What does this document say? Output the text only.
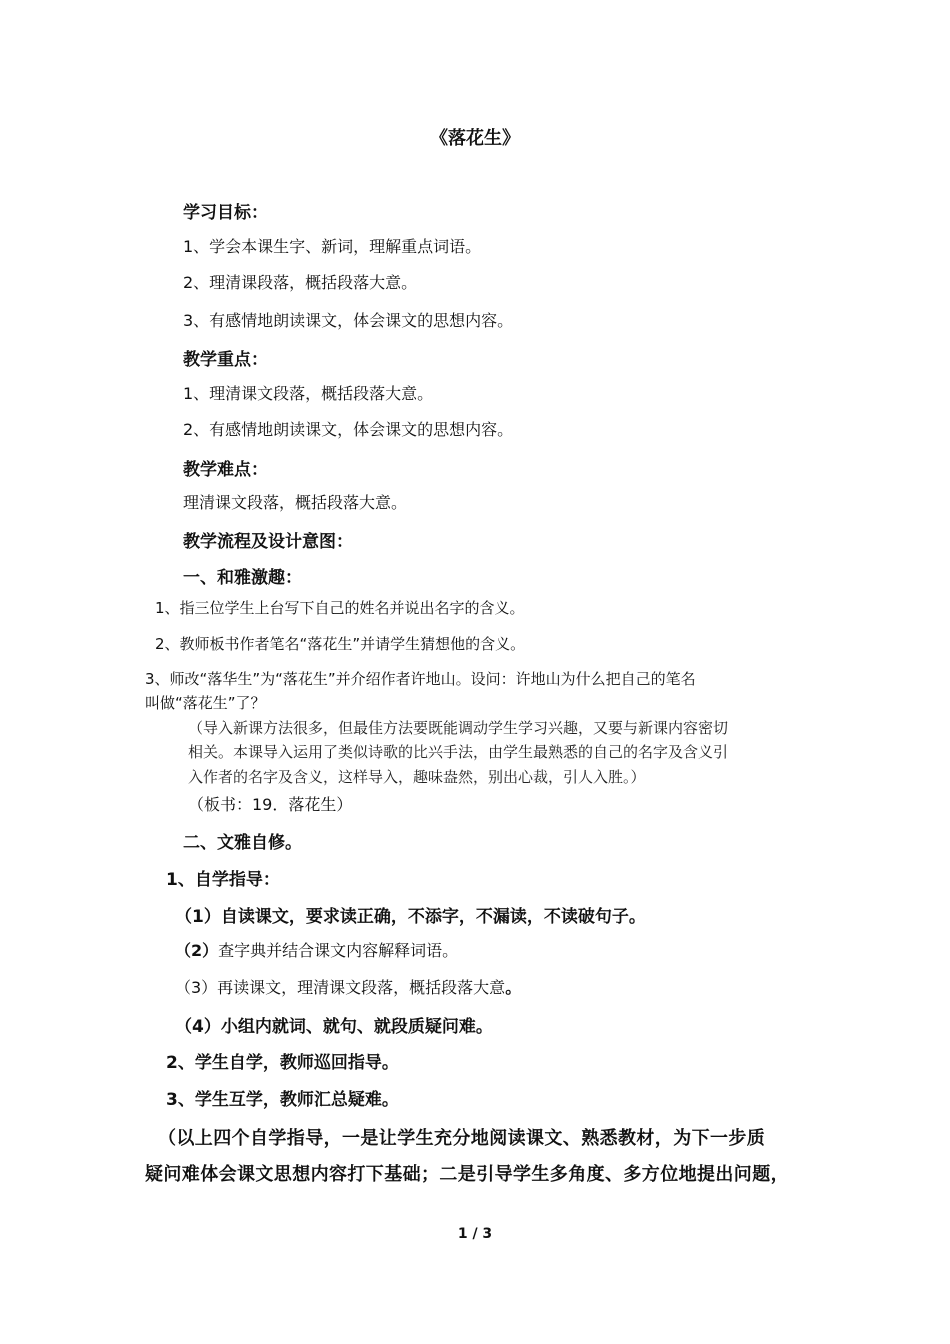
《落花生》
学习目标：
1、学会本课生字、新词，理解重点词语。
2、理清课段落，概括段落大意。
3、有感情地朗读课文，体会课文的思想内容。
教学重点：
1、理清课文段落，概括段落大意。
2、有感情地朗读课文，体会课文的思想内容。
教学难点：
理清课文段落，概括段落大意。
教学流程及设计意图：
一、和雅激趣：
1、指三位学生上台写下自己的姓名并说出名字的含义。
2、教师板书作者笔名“落花生”并请学生猜想他的含义。
3、师改“落华生”为“落花生”并介绍作者许地山。设问：许地山为什么把自己的笔名
叫做“落花生”了？
（导入新课方法很多，但最佳方法要既能调动学生学习兴趣，又要与新课内容密切
相关。本课导入运用了类似诗歌的比兴手法，由学生最熟悉的自己的名字及含义引
入作者的名字及含义，这样导入，趣味盎然，别出心裁，引人入胜。）
（板书：19．落花生）
二、文雅自修。
1、自学指导：
（1）自读课文，要求读正确，不添字，不漏读，不读破句子。
（2）查字典并结合课文内容解释词语。
（3）再读课文，理清课文段落，概括段落大意。
（4）小组内就词、就句、就段质疑问难。
2、学生自学，教师巡回指导。
3、学生互学，教师汇总疑难。
（以上四个自学指导，一是让学生充分地阅读课文、熟悉教材，为下一步质
疑问难体会课文思想内容打下基础；二是引导学生多角度、多方位地提出问题，
1 / 3
